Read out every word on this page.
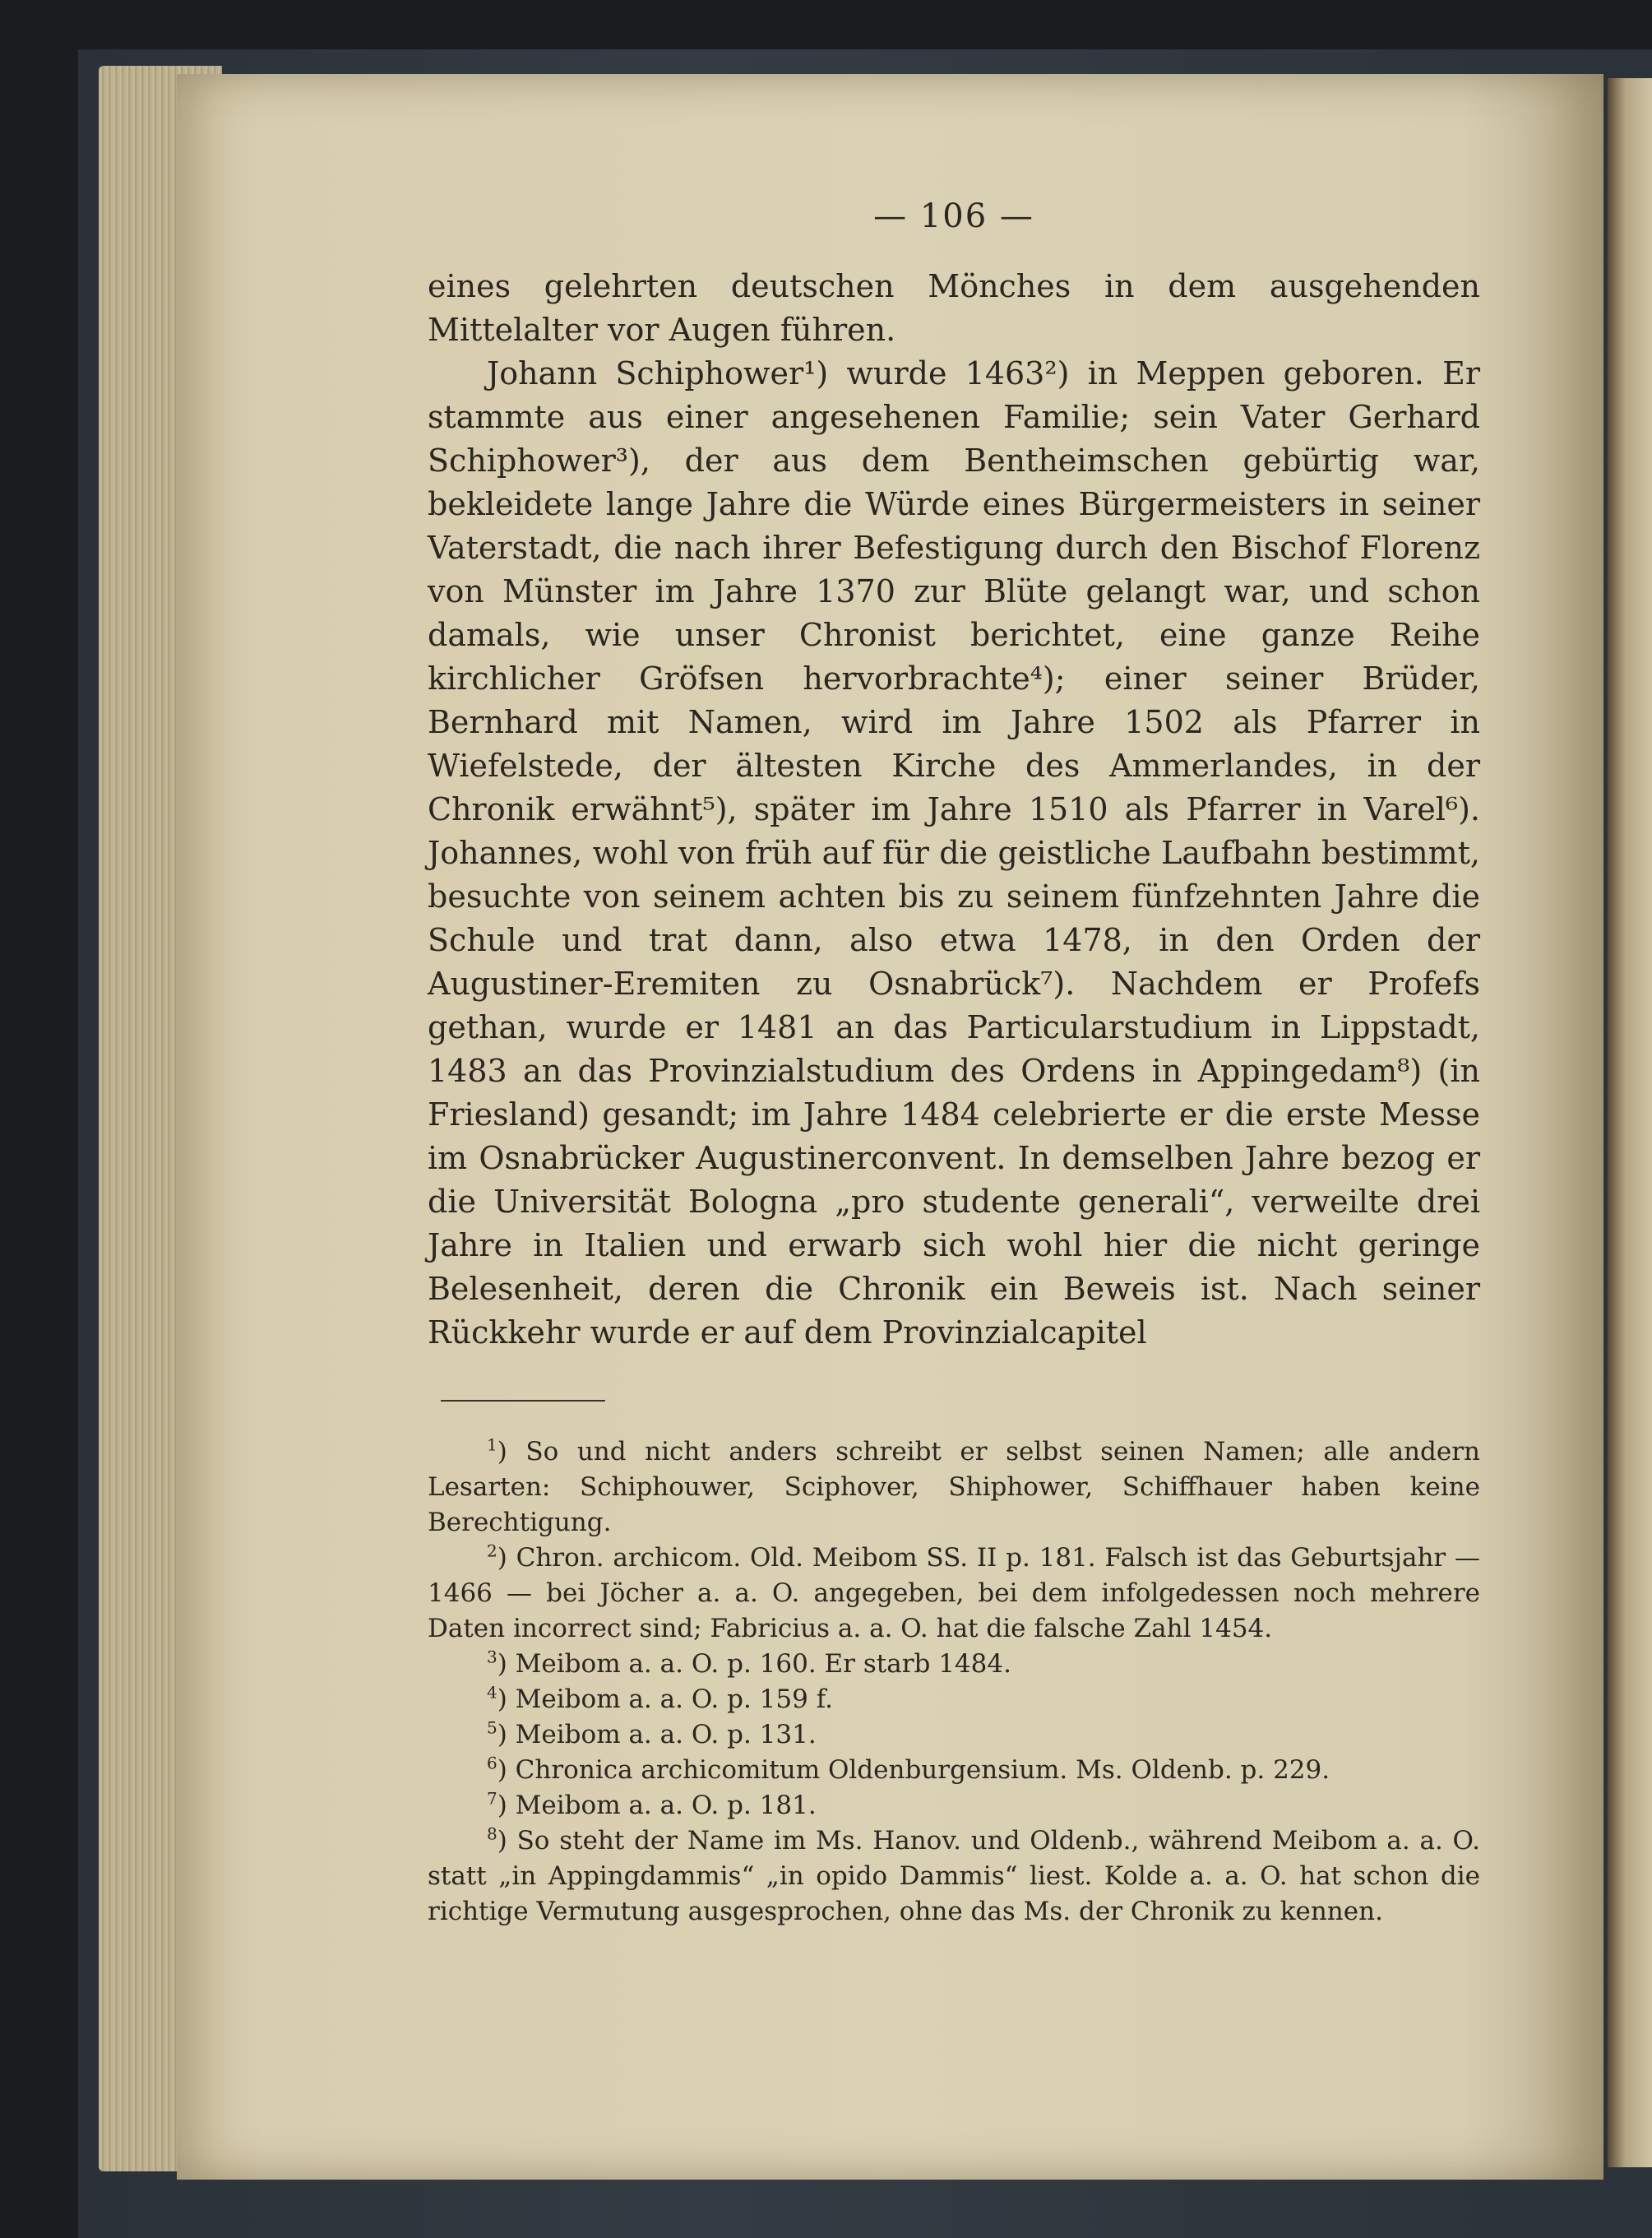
— 106 —

eines gelehrten deutschen Mönches in dem ausgehenden Mittelalter vor Augen führen.

Johann Schiphower¹) wurde 1463²) in Meppen geboren. Er stammte aus einer angesehenen Familie; sein Vater Gerhard Schiphower³), der aus dem Bentheimschen gebürtig war, bekleidete lange Jahre die Würde eines Bürgermeisters in seiner Vaterstadt, die nach ihrer Befestigung durch den Bischof Florenz von Münster im Jahre 1370 zur Blüte gelangt war, und schon damals, wie unser Chronist berichtet, eine ganze Reihe kirchlicher Gröfsen hervorbrachte⁴); einer seiner Brüder, Bernhard mit Namen, wird im Jahre 1502 als Pfarrer in Wiefelstede, der ältesten Kirche des Ammerlandes, in der Chronik erwähnt⁵), später im Jahre 1510 als Pfarrer in Varel⁶). Johannes, wohl von früh auf für die geistliche Laufbahn bestimmt, besuchte von seinem achten bis zu seinem fünfzehnten Jahre die Schule und trat dann, also etwa 1478, in den Orden der Augustiner-Eremiten zu Osnabrück⁷). Nachdem er Profefs gethan, wurde er 1481 an das Particularstudium in Lippstadt, 1483 an das Provinzialstudium des Ordens in Appingedam⁸) (in Friesland) gesandt; im Jahre 1484 celebrierte er die erste Messe im Osnabrücker Augustinerconvent. In demselben Jahre bezog er die Universität Bologna „pro studente generali“, verweilte drei Jahre in Italien und erwarb sich wohl hier die nicht geringe Belesenheit, deren die Chronik ein Beweis ist. Nach seiner Rückkehr wurde er auf dem Provinzialcapitel

$^1$) So und nicht anders schreibt er selbst seinen Namen; alle andern Lesarten: Schiphouwer, Sciphover, Shiphower, Schiffhauer haben keine Berechtigung.

$^2$) Chron. archicom. Old. Meibom SS. II p. 181. Falsch ist das Geburtsjahr — 1466 — bei Jöcher a. a. O. angegeben, bei dem infolgedessen noch mehrere Daten incorrect sind; Fabricius a. a. O. hat die falsche Zahl 1454.

$^3$) Meibom a. a. O. p. 160. Er starb 1484.

$^4$) Meibom a. a. O. p. 159 f.

$^5$) Meibom a. a. O. p. 131.

$^6$) Chronica archicomitum Oldenburgensium. Ms. Oldenb. p. 229.

$^7$) Meibom a. a. O. p. 181.

$^8$) So steht der Name im Ms. Hanov. und Oldenb., während Meibom a. a. O. statt „in Appingdammis“ „in opido Dammis“ liest. Kolde a. a. O. hat schon die richtige Vermutung ausgesprochen, ohne das Ms. der Chronik zu kennen.
